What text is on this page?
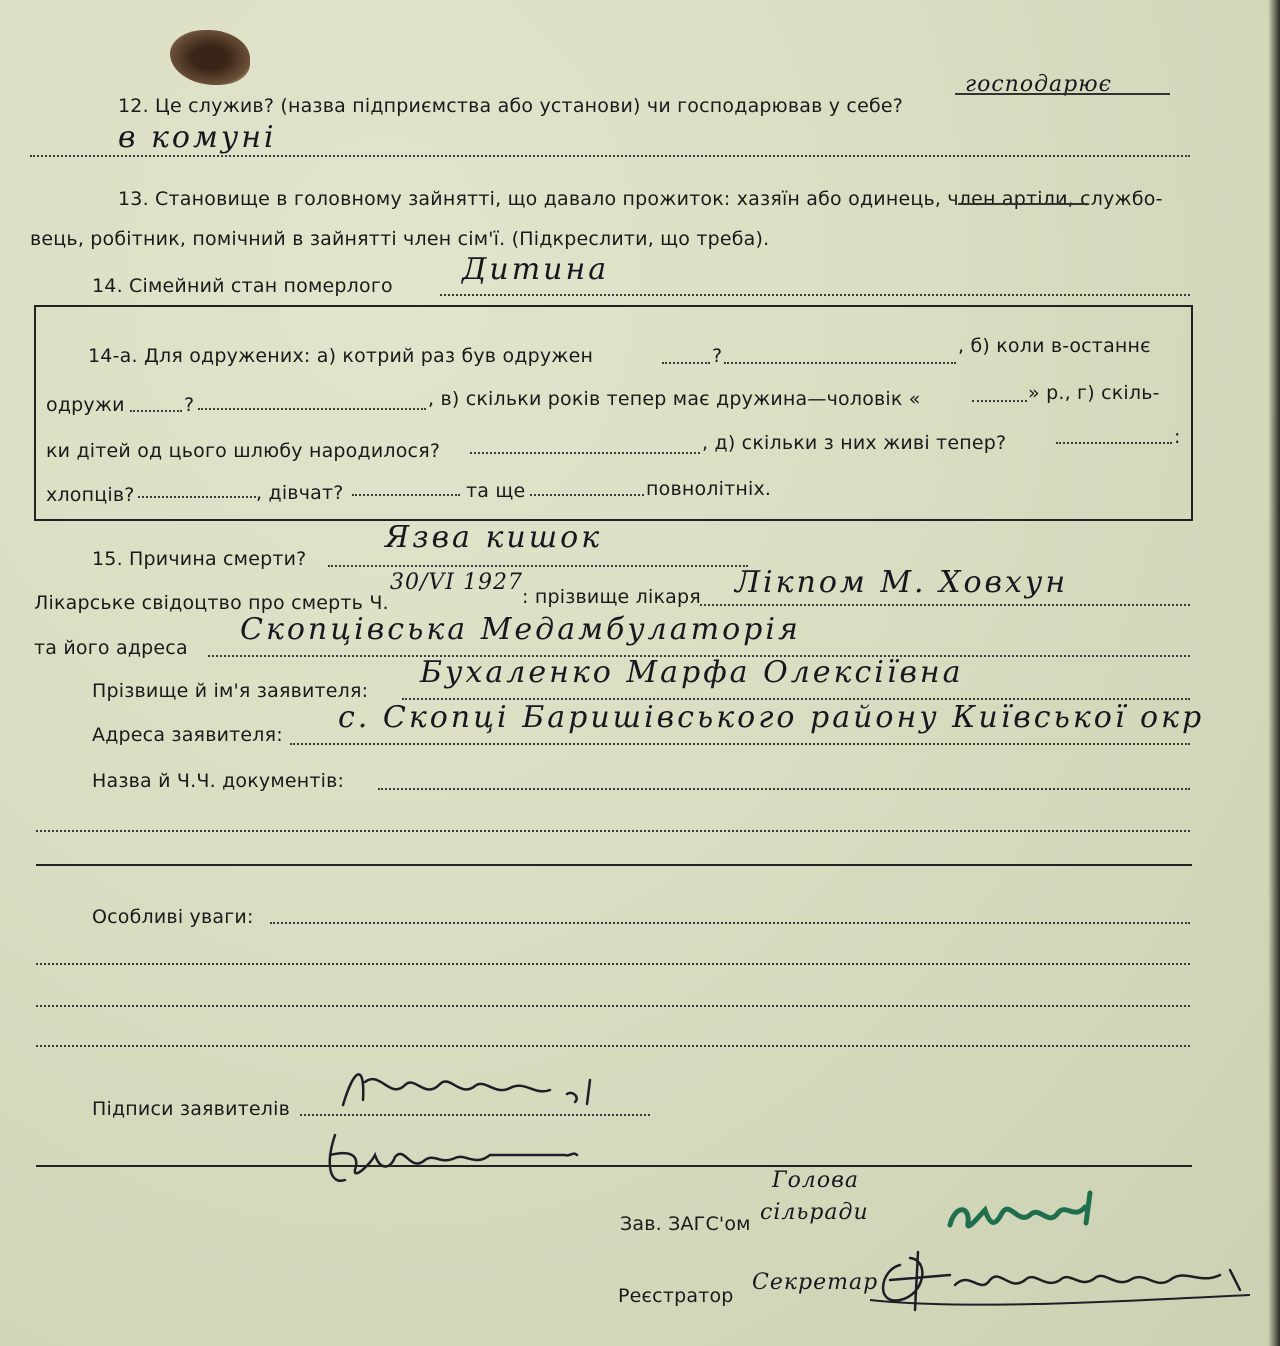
12. Це служив? (назва підприємства або установи) чи господарював у себе?
господарює
в комуні
13. Становище в головному зайнятті, що давало прожиток: хазяїн або одинець, член артіли, службо-
вець, робітник, помічний в зайнятті член сім'ї. (Підкреслити, що треба).
14. Сімейний стан померлого Дитина
14-а. Для одружених: а) котрий раз був одружен	?	, б) коли в-останнє
одружи	?	, в) скільки років тепер має дружина—чоловік «	» р., г) скіль-
ки дітей од цього шлюбу народилося?	, д) скільки з них живі тепер?	:
хлопців?	, дівчат?	та ще	повнолітніх.
15. Причина смерти?
Язва кишок
Лікарське свідоцтво про смерть Ч.
30/VI 1927
: прізвище лікаря Лікпом М. Ховхун
та його адреса
Скопцівська Медамбулаторія
Прізвище й ім'я заявителя:
Бухаленко Марфа Олексіївна
Адреса заявителя: с. Скопці Баришівського району Київської окр
Назва й Ч.Ч. документів:
Особливі уваги:
Підписи заявителів
Зав. ЗАГС'ом
Голова
сільради
Реєстратор
Секретар
